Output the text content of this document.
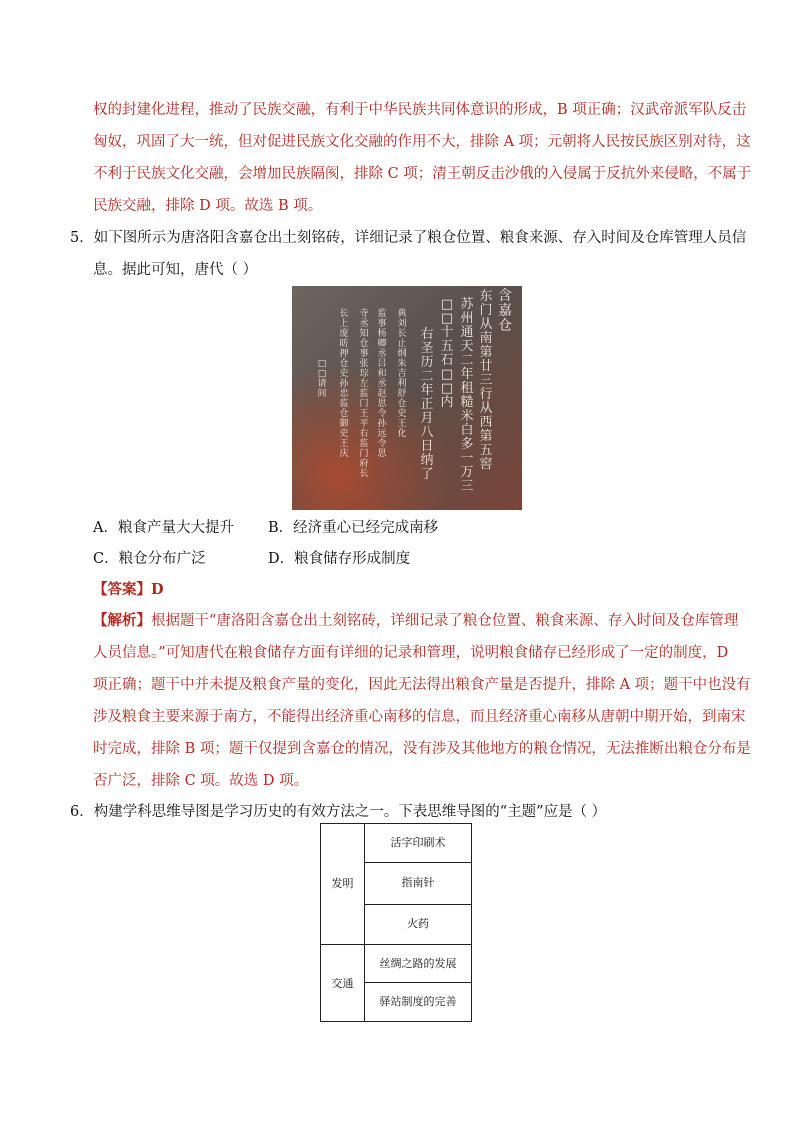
权的封建化进程，推动了民族交融，有利于中华民族共同体意识的形成，B 项正确；汉武帝派军队反击
匈奴，巩固了大一统，但对促进民族文化交融的作用不大，排除 A 项；元朝将人民按民族区别对待，这
不利于民族文化交融，会增加民族隔阂，排除 C 项；清王朝反击沙俄的入侵属于反抗外来侵略，不属于
民族交融，排除 D 项。故选 B 项。
5．如下图所示为唐洛阳含嘉仓出土刻铭砖，详细记录了粮仓位置、粮食来源、存入时间及仓库管理人员信
息。据此可知，唐代（ ）
含嘉仓
东门从南第廿三行从西第五窖
苏州通天二年租糙米白多一万三
□ □十五石□ □内
右圣历二年正月八日纳了
典刘长止纲朱吉利舒仓史王化
监事杨卿丞吕和丞赵思令孙远令思
寺丞知仓事张琮左监门王平右监门府长
长上庞昉押仓史孙忠监仓御史王庆
□ □请间
A．粮食产量大大提升 B．经济重心已经完成南移
C．粮仓分布广泛	D．粮食储存形成制度
【答案】D
【解析】根据题干“唐洛阳含嘉仓出土刻铭砖，详细记录了粮仓位置、粮食来源、存入时间及仓库管理
人员信息。”可知唐代在粮食储存方面有详细的记录和管理，说明粮食储存已经形成了一定的制度，D
项正确；题干中并未提及粮食产量的变化，因此无法得出粮食产量是否提升，排除 A 项；题干中也没有
涉及粮食主要来源于南方，不能得出经济重心南移的信息，而且经济重心南移从唐朝中期开始，到南宋
时完成，排除 B 项；题干仅提到含嘉仓的情况，没有涉及其他地方的粮仓情况，无法推断出粮仓分布是
否广泛，排除 C 项。故选 D 项。
6．构建学科思维导图是学习历史的有效方法之一。下表思维导图的“主题”应是（ ）
发明
交通
活字印刷术
指南针
火药
丝绸之路的发展
驿站制度的完善
